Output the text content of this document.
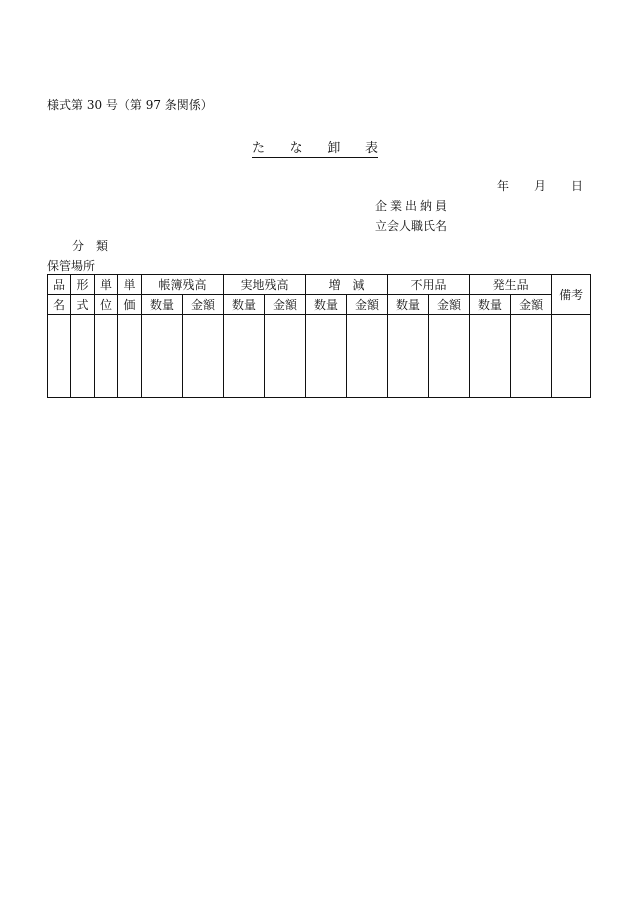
様式第 30 号（第 97 条関係）
た な 卸 表
年 月 日
企 業 出 納 員
立会人職氏名
分 類
保管場所
品	形	単	単	帳簿残高		実地残高		増　減		不用品		発生品		備考
名	式	位	価	数量	金額	数量	金額	数量	金額	数量	金額	数量	金額	
